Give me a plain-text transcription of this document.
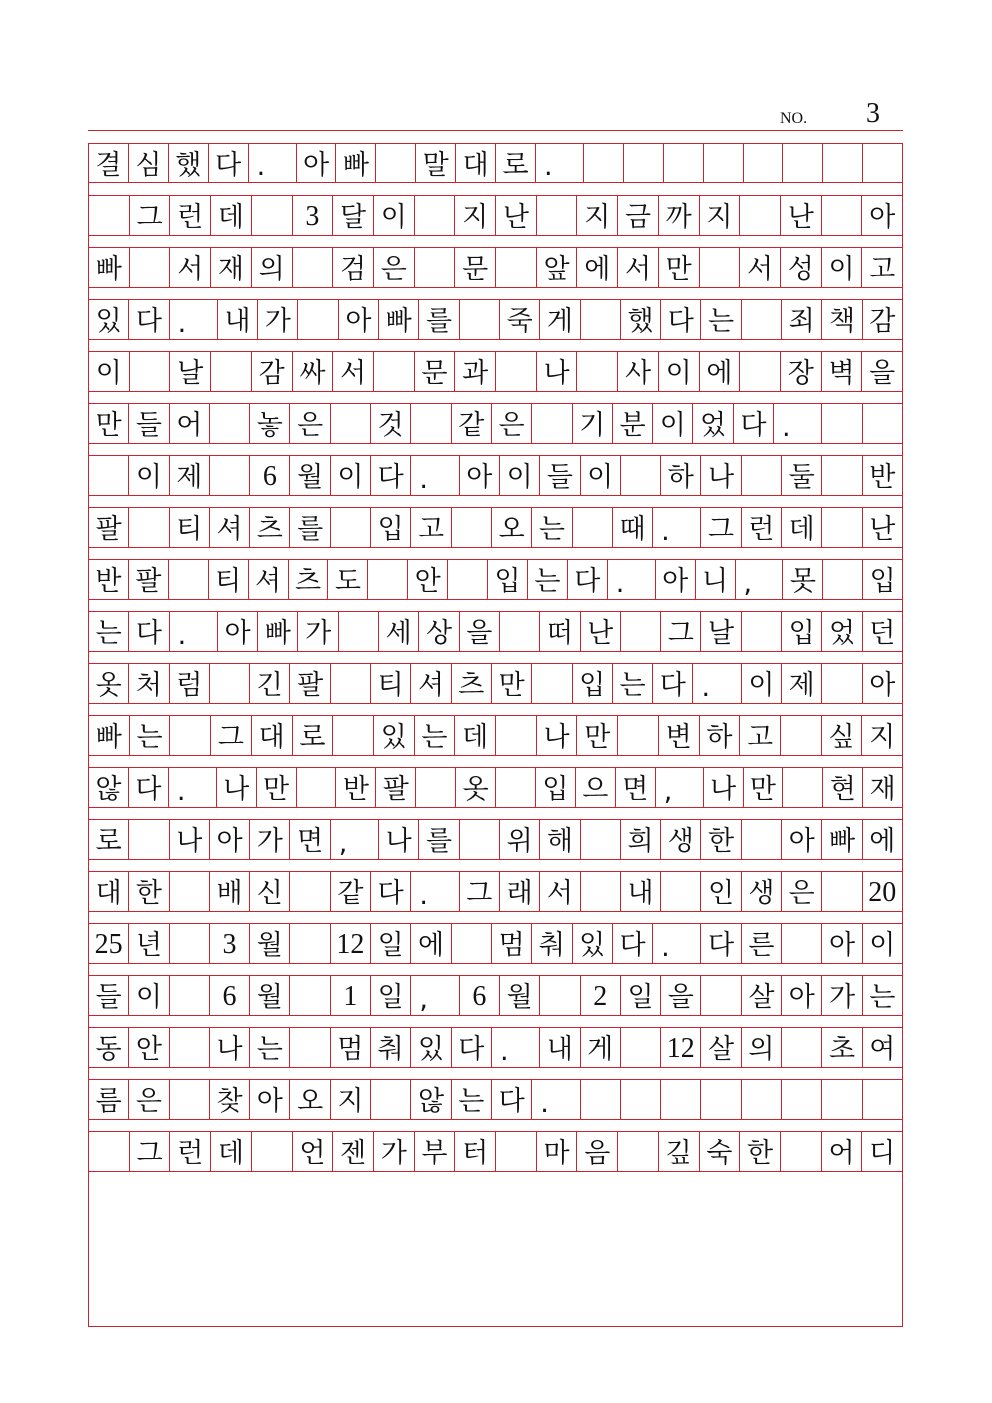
NO. 3
결 심 했 다 .	아 빠 말 대 로 .
그 런 데	3 달 이 지 난 지 금 까 지 난 아
빠 서 재 의 검 은 문 앞 에 서 만 서 성 이 고
있 다 .	내 가 아 빠 를 죽 게 했 다 는 죄 책 감
이 날 감 싸 서 문 과 나 사 이 에 장 벽 을
만 들 어 놓 은 것 같 은 기 분 이 었 다 .
이 제	6 월 이 다 .	아 이 들 이 하 나 둘 반
팔 티 셔 츠 를 입 고 오 는 때 .	그 런 데 난
반 팔 티 셔 츠 도 안 입 는 다 .	아 니 ,	못 입
는 다 .	아 빠 가 세 상 을 떠 난 그 날 입 었 던
옷 처 럼 긴 팔 티 셔 츠 만 입 는 다 .	이 제 아
빠 는 그 대 로 있 는 데 나 만 변 하 고 싶 지
않 다 .	나 만 반 팔 옷 입 으 면 ,	나 만 현 재
로 나 아 가 면 ,	나 를 위 해 희 생 한 아 빠 에
대 한 배 신 같 다 .	그 래 서 내 인 생 은 20
25 년	3 월 12 일 에 멈 춰 있 다 .	다 른 아 이
들 이	6 월	1 일 ,	6 월	2 일 을 살 아 가 는
동 안 나 는 멈 춰 있 다 .	내 게 12 살 의 초 여
름 은 찾 아 오 지 않 는 다 .
그 런 데 언 젠 가 부 터 마 음 깊 숙 한 어 디
